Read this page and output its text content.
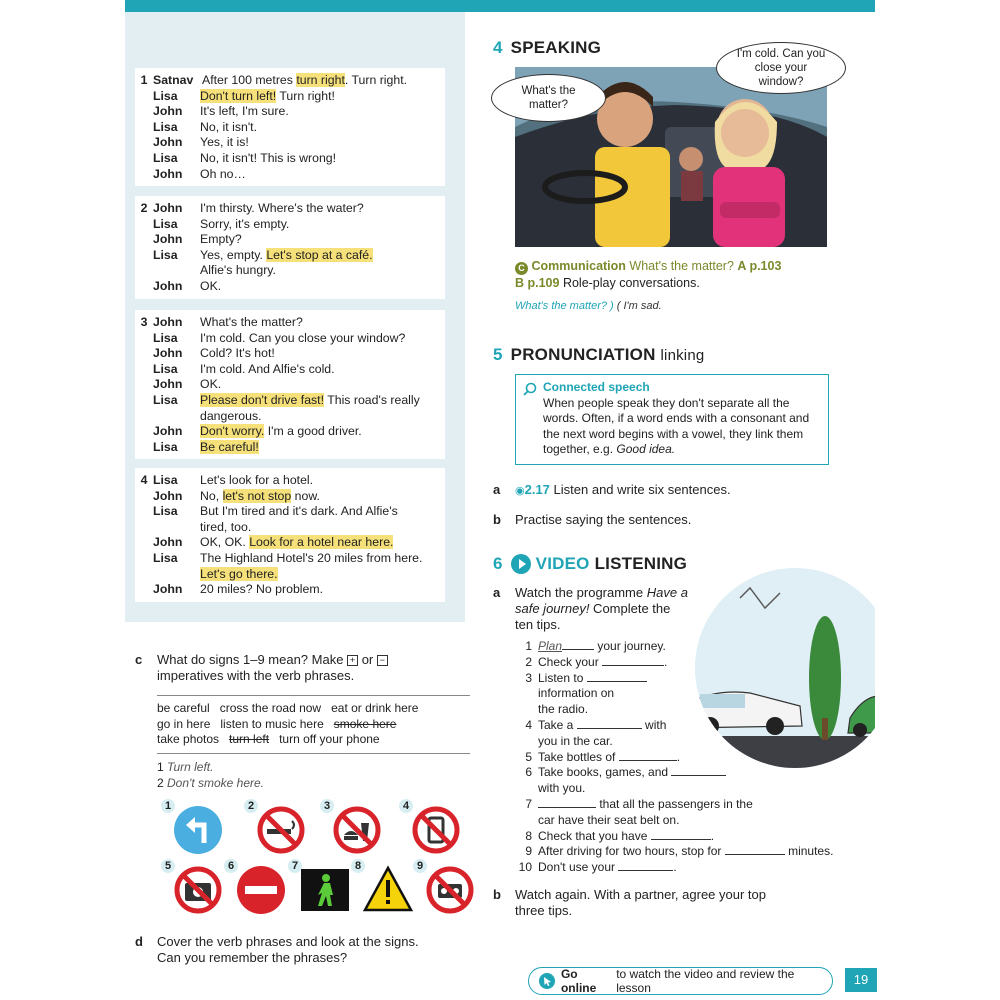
1 Satnav After 100 metres turn right. Turn right.
Lisa	Don't turn left! Turn right!
John	It's left, I'm sure.
Lisa	No, it isn't.
John	Yes, it is!
Lisa	No, it isn't! This is wrong!
John	Oh no…
2 John	I'm thirsty. Where's the water?
Lisa	Sorry, it's empty.
John	Empty?
Lisa	Yes, empty. Let's stop at a café.
Alfie's hungry.
John	OK.
3 John	What's the matter?
Lisa	I'm cold. Can you close your window?
John	Cold? It's hot!
Lisa	I'm cold. And Alfie's cold.
John	OK.
Lisa	Please don't drive fast! This road's really
dangerous.
John	Don't worry. I'm a good driver.
Lisa	Be careful!
4 Lisa	Let's look for a hotel.
John	No, let's not stop now.
Lisa	But I'm tired and it's dark. And Alfie's
tired, too.
John	OK, OK. Look for a hotel near here.
Lisa	The Highland Hotel's 20 miles from here.
Let's go there.
John	20 miles? No problem.
c	What do signs 1–9 mean? Make + or −
imperatives with the verb phrases.
be careful cross the road now eat or drink here
go in here listen to music here smoke here
take photos turn left turn off your phone
1 Turn left.
2 Don't smoke here.
1	2	3	4
5	6	7	8	9
d	Cover the verb phrases and look at the signs.
Can you remember the phrases?
4 SPEAKING
What's the matter?
I'm cold. Can you close your window?
C Communication What's the matter? A p.103
B p.109 Role-play conversations.
What's the matter? ) ( I'm sad.
5 PRONUNCIATION linking
Connected speech
When people speak they don't separate all the words. Often, if a word ends with a consonant and the next word begins with a vowel, they link them together, e.g. Good idea.
a	◉2.17 Listen and write six sentences.
b	Practise saying the sentences.
6 VIDEO LISTENING
a	Watch the programme Have a
safe journey! Complete the
ten tips.
1 Plan	your journey.
2 Check your	.
3 Listen to
information on
the radio.
4 Take a	with
you in the car.
5 Take bottles of	.
6 Take books, games, and
with you.
7	that all the passengers in the
car have their seat belt on.
8 Check that you have	.
9 After driving for two hours, stop for	minutes.
10 Don't use your	.
b	Watch again. With a partner, agree your top
three tips.
Go online
to watch the video and review the lesson
19
